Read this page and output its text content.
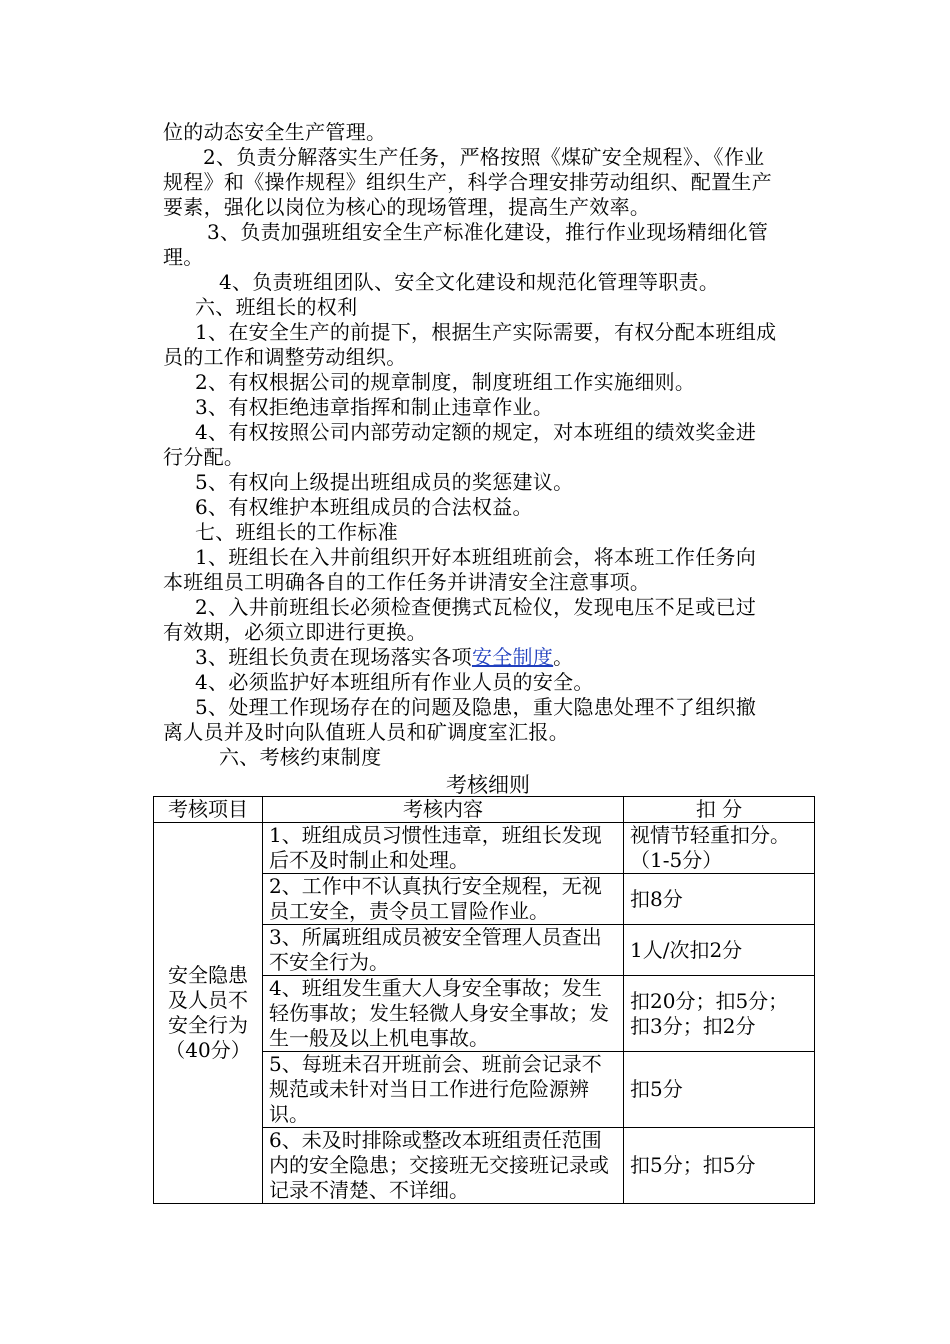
位的动态安全生产管理。

2、负责分解落实生产任务，严格按照《煤矿安全规程》、《作业

规程》和《操作规程》组织生产，科学合理安排劳动组织、配置生产

要素，强化以岗位为核心的现场管理，提高生产效率。

3、负责加强班组安全生产标准化建设，推行作业现场精细化管

理。

4、负责班组团队、安全文化建设和规范化管理等职责。

六、班组长的权利

1、在安全生产的前提下，根据生产实际需要，有权分配本班组成

员的工作和调整劳动组织。

2、有权根据公司的规章制度，制度班组工作实施细则。

3、有权拒绝违章指挥和制止违章作业。

4、有权按照公司内部劳动定额的规定，对本班组的绩效奖金进

行分配。

5、有权向上级提出班组成员的奖惩建议。

6、有权维护本班组成员的合法权益。

七、班组长的工作标准

1、班组长在入井前组织开好本班组班前会，将本班工作任务向

本班组员工明确各自的工作任务并讲清安全注意事项。

2、入井前班组长必须检查便携式瓦检仪，发现电压不足或已过

有效期，必须立即进行更换。

3、班组长负责在现场落实各项安全制度。

4、必须监护好本班组所有作业人员的安全。

5、处理工作现场存在的问题及隐患，重大隐患处理不了组织撤

离人员并及时向队值班人员和矿调度室汇报。

六、考核约束制度

考核细则
考核项目	考核内容	扣 分
安全隐患及人员不安全行为（40分）	1、班组成员习惯性违章，班组长发现后不及时制止和处理。	视情节轻重扣分。（1-5分）
	2、工作中不认真执行安全规程，无视员工安全，责令员工冒险作业。	扣8分
	3、所属班组成员被安全管理人员查出不安全行为。	1人/次扣2分
	4、班组发生重大人身安全事故；发生轻伤事故；发生轻微人身安全事故；发生一般及以上机电事故。	扣20分；扣5分；扣3分；扣2分
	5、每班未召开班前会、班前会记录不规范或未针对当日工作进行危险源辨识。	扣5分
	6、未及时排除或整改本班组责任范围内的安全隐患；交接班无交接班记录或记录不清楚、不详细。	扣5分；扣5分
